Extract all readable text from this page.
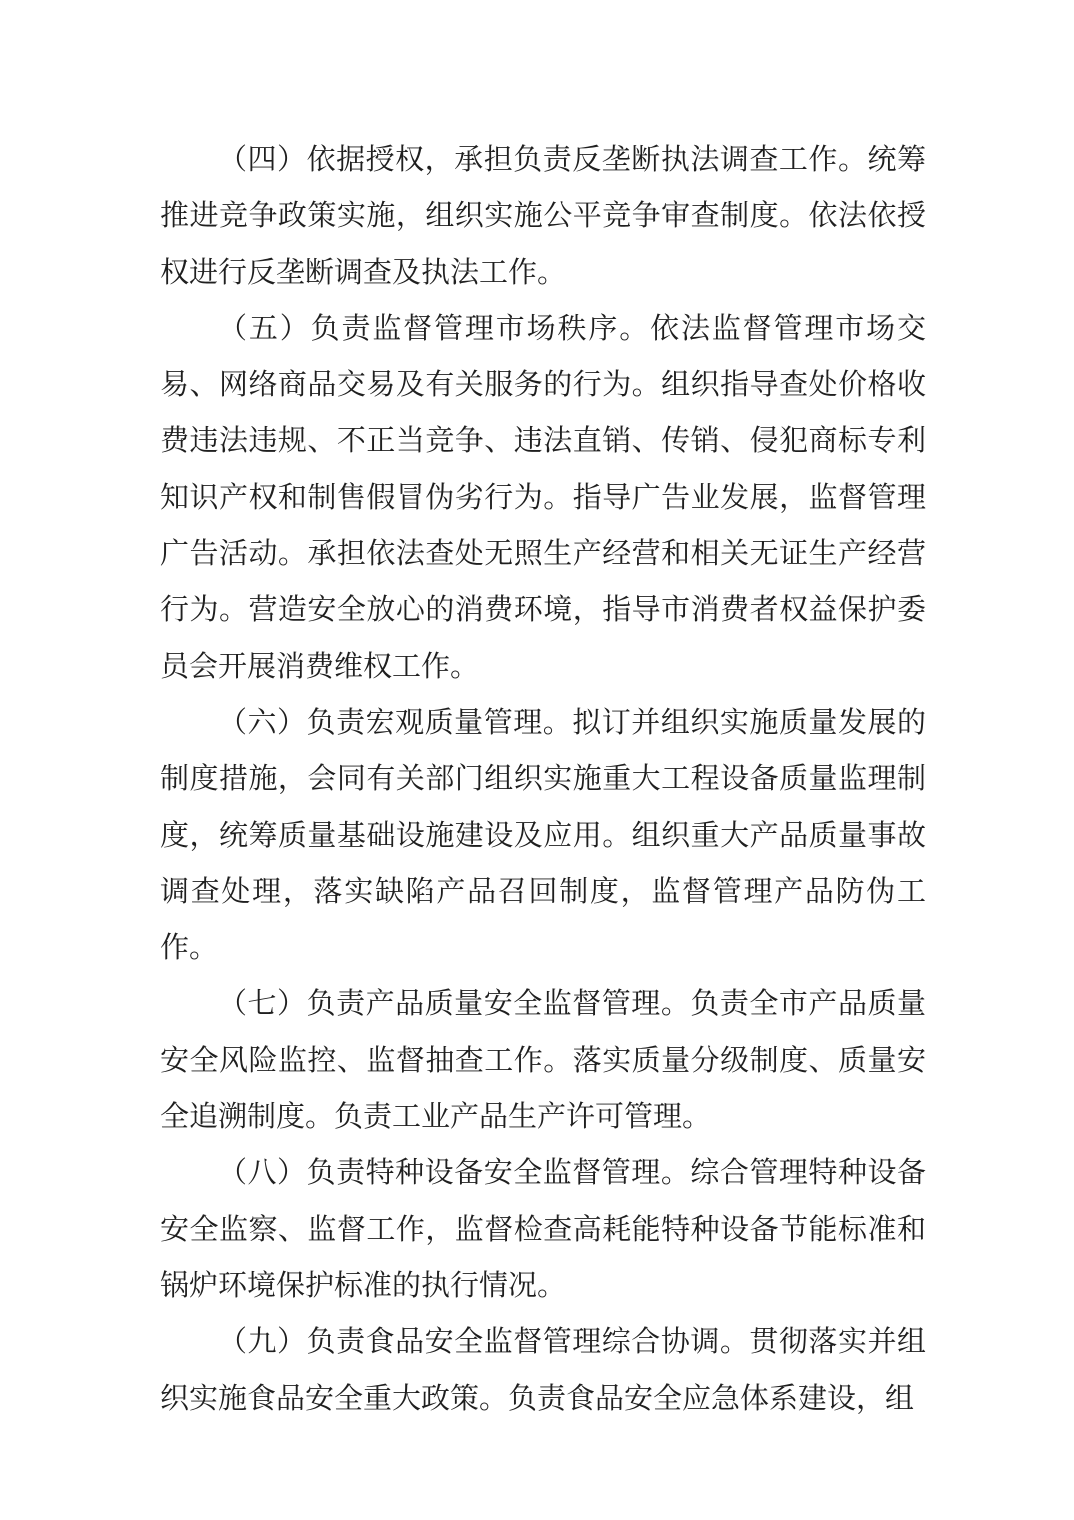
（四）依据授权，承担负责反垄断执法调查工作。统筹推进竞争政策实施，组织实施公平竞争审查制度。依法依授权进行反垄断调查及执法工作。

（五）负责监督管理市场秩序。依法监督管理市场交易、网络商品交易及有关服务的行为。组织指导查处价格收费违法违规、不正当竞争、违法直销、传销、侵犯商标专利知识产权和制售假冒伪劣行为。指导广告业发展，监督管理广告活动。承担依法查处无照生产经营和相关无证生产经营行为。营造安全放心的消费环境，指导市消费者权益保护委员会开展消费维权工作。

（六）负责宏观质量管理。拟订并组织实施质量发展的制度措施，会同有关部门组织实施重大工程设备质量监理制度，统筹质量基础设施建设及应用。组织重大产品质量事故调查处理，落实缺陷产品召回制度，监督管理产品防伪工作。

（七）负责产品质量安全监督管理。负责全市产品质量安全风险监控、监督抽查工作。落实质量分级制度、质量安全追溯制度。负责工业产品生产许可管理。

（八）负责特种设备安全监督管理。综合管理特种设备安全监察、监督工作，监督检查高耗能特种设备节能标准和锅炉环境保护标准的执行情况。

（九）负责食品安全监督管理综合协调。贯彻落实并组织实施食品安全重大政策。负责食品安全应急体系建设，组
